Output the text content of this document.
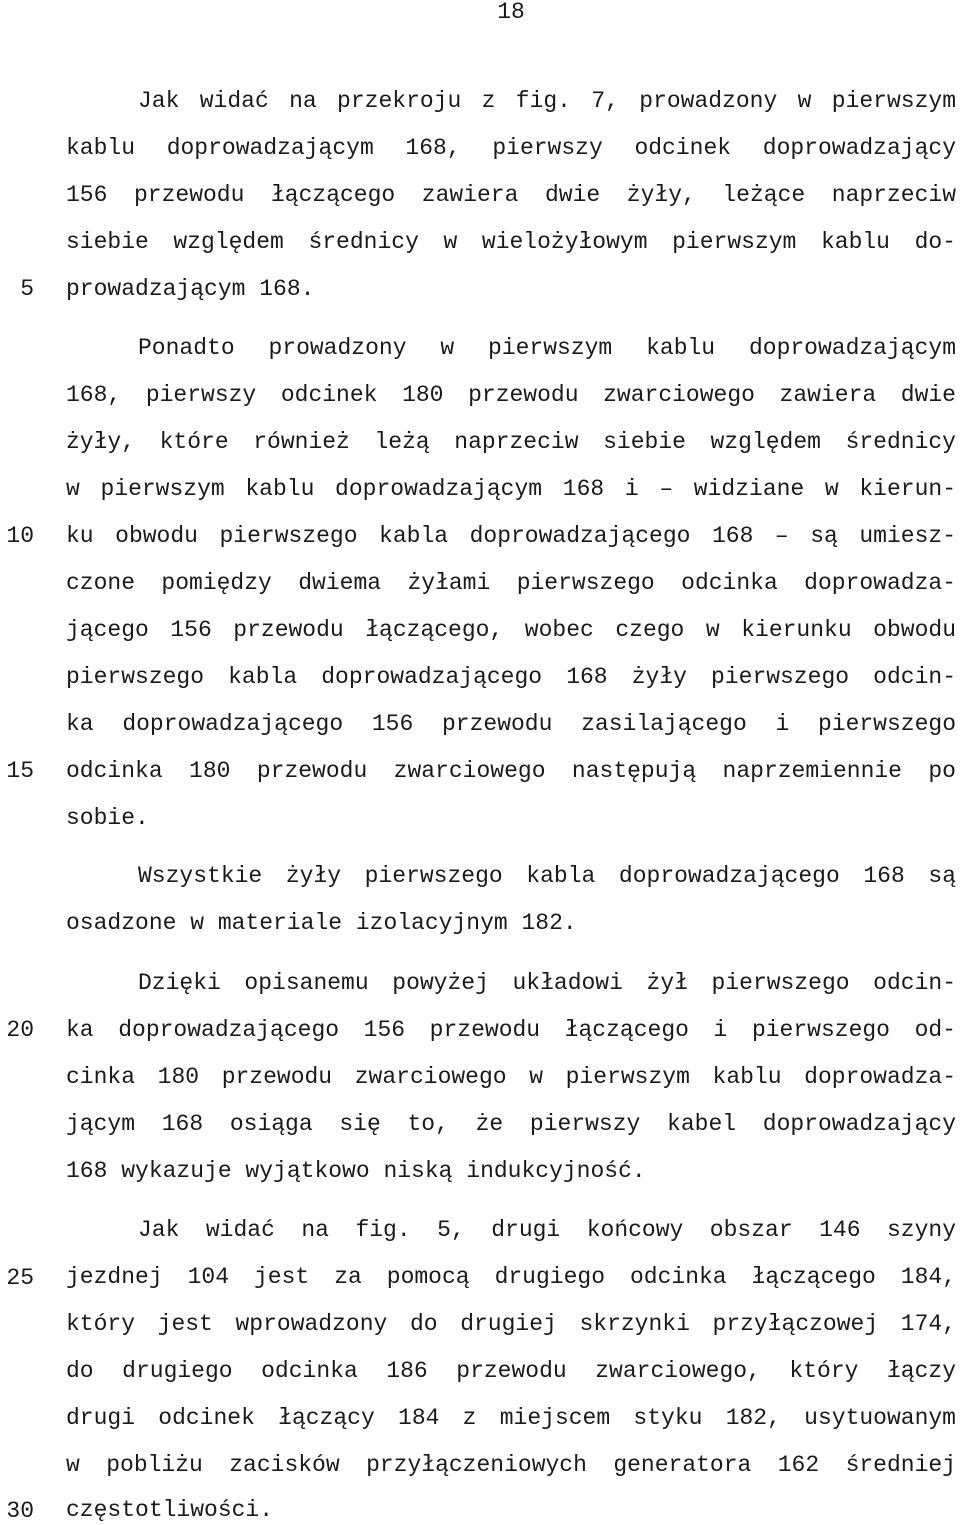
18
5
10
15
20
25
30
Jak widać na przekroju z fig. 7, prowadzony w pierwszym
kablu doprowadzającym 168, pierwszy odcinek doprowadzający
156 przewodu łączącego zawiera dwie żyły, leżące naprzeciw
siebie względem średnicy w wielożyłowym pierwszym kablu do-
prowadzającym 168.
Ponadto prowadzony w pierwszym kablu doprowadzającym
168, pierwszy odcinek 180 przewodu zwarciowego zawiera dwie
żyły, które również leżą naprzeciw siebie względem średnicy
w pierwszym kablu doprowadzającym 168 i – widziane w kierun-
ku obwodu pierwszego kabla doprowadzającego 168 – są umiesz-
czone pomiędzy dwiema żyłami pierwszego odcinka doprowadza-
jącego 156 przewodu łączącego, wobec czego w kierunku obwodu
pierwszego kabla doprowadzającego 168 żyły pierwszego odcin-
ka doprowadzającego 156 przewodu zasilającego i pierwszego
odcinka 180 przewodu zwarciowego następują naprzemiennie po
sobie.
Wszystkie żyły pierwszego kabla doprowadzającego 168 są
osadzone w materiale izolacyjnym 182.
Dzięki opisanemu powyżej układowi żył pierwszego odcin-
ka doprowadzającego 156 przewodu łączącego i pierwszego od-
cinka 180 przewodu zwarciowego w pierwszym kablu doprowadza-
jącym 168 osiąga się to, że pierwszy kabel doprowadzający
168 wykazuje wyjątkowo niską indukcyjność.
Jak widać na fig. 5, drugi końcowy obszar 146 szyny
jezdnej 104 jest za pomocą drugiego odcinka łączącego 184,
który jest wprowadzony do drugiej skrzynki przyłączowej 174,
do drugiego odcinka 186 przewodu zwarciowego, który łączy
drugi odcinek łączący 184 z miejscem styku 182, usytuowanym
w pobliżu zacisków przyłączeniowych generatora 162 średniej
częstotliwości.
